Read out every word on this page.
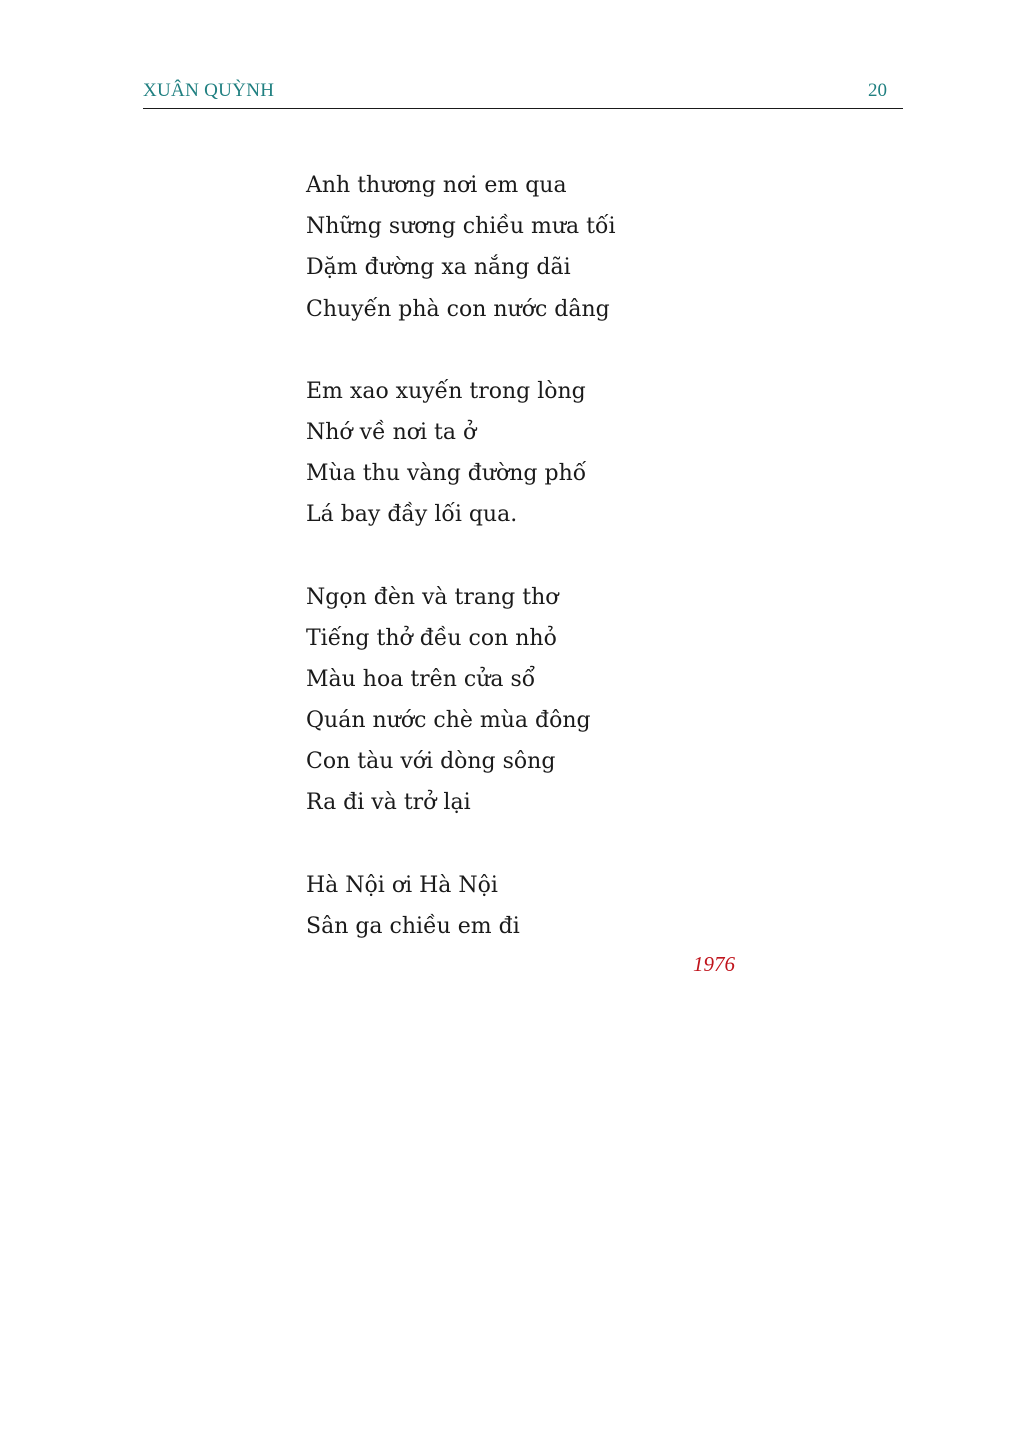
XUÂN QUỲNH	20
Anh thương nơi em qua
Những sương chiều mưa tối
Dặm đường xa nắng dãi
Chuyến phà con nước dâng
Em xao xuyến trong lòng
Nhớ về nơi ta ở
Mùa thu vàng đường phố
Lá bay đầy lối qua.
Ngọn đèn và trang thơ
Tiếng thở đều con nhỏ
Màu hoa trên cửa sổ
Quán nước chè mùa đông
Con tàu với dòng sông
Ra đi và trở lại
Hà Nội ơi Hà Nội
Sân ga chiều em đi
1976
